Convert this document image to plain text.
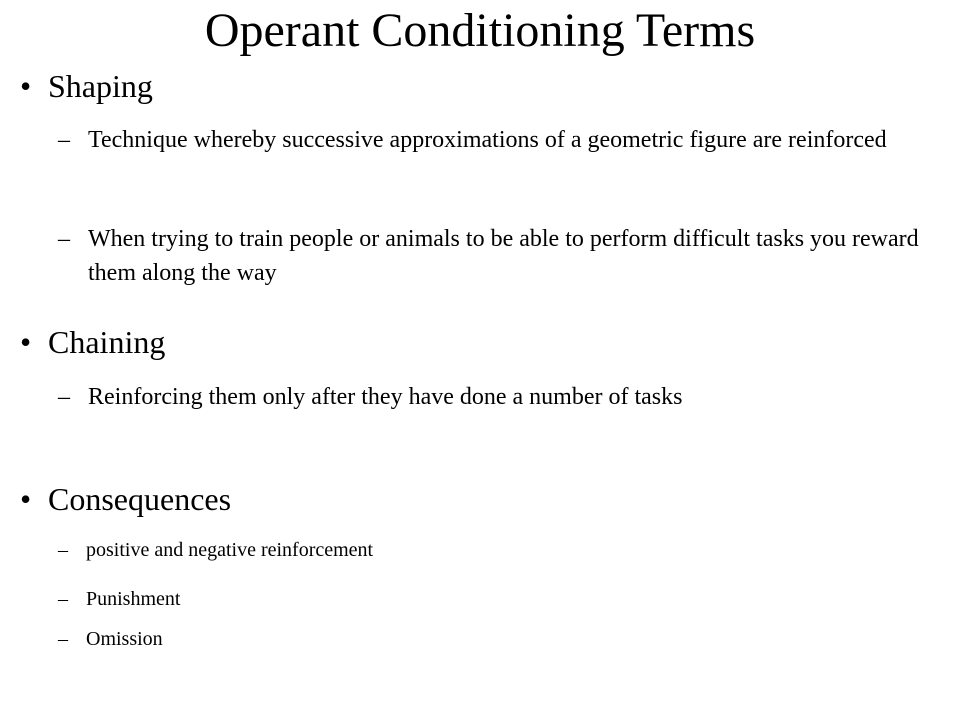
Operant Conditioning Terms
• Shaping
– Technique whereby successive approximations of a geometric figure are reinforced
– When trying to train people or animals to be able to perform difficult tasks you reward them along the way
• Chaining
– Reinforcing them only after they have done a number of tasks
• Consequences
– positive and negative reinforcement
– Punishment
– Omission
